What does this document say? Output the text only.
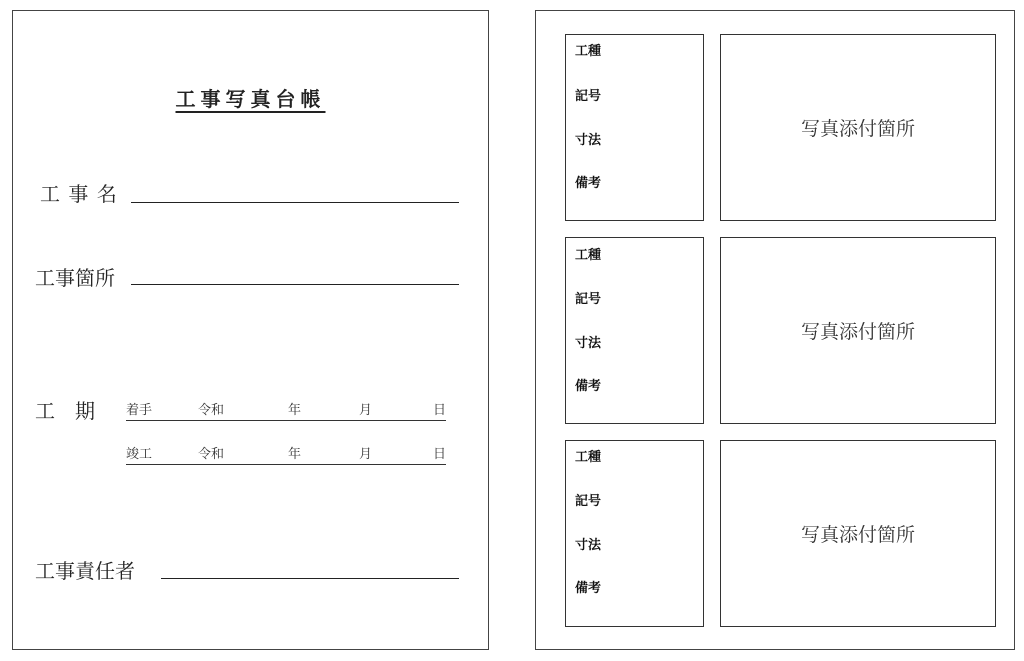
工事写真台帳
工 事 名
工事箇所
工　期 着手	令和	年	月	日
竣工	令和	年	月	日
工事責任者
工種
記号
寸法
備考
写真添付箇所
工種
記号
寸法
備考
写真添付箇所
工種
記号
寸法
備考
写真添付箇所
